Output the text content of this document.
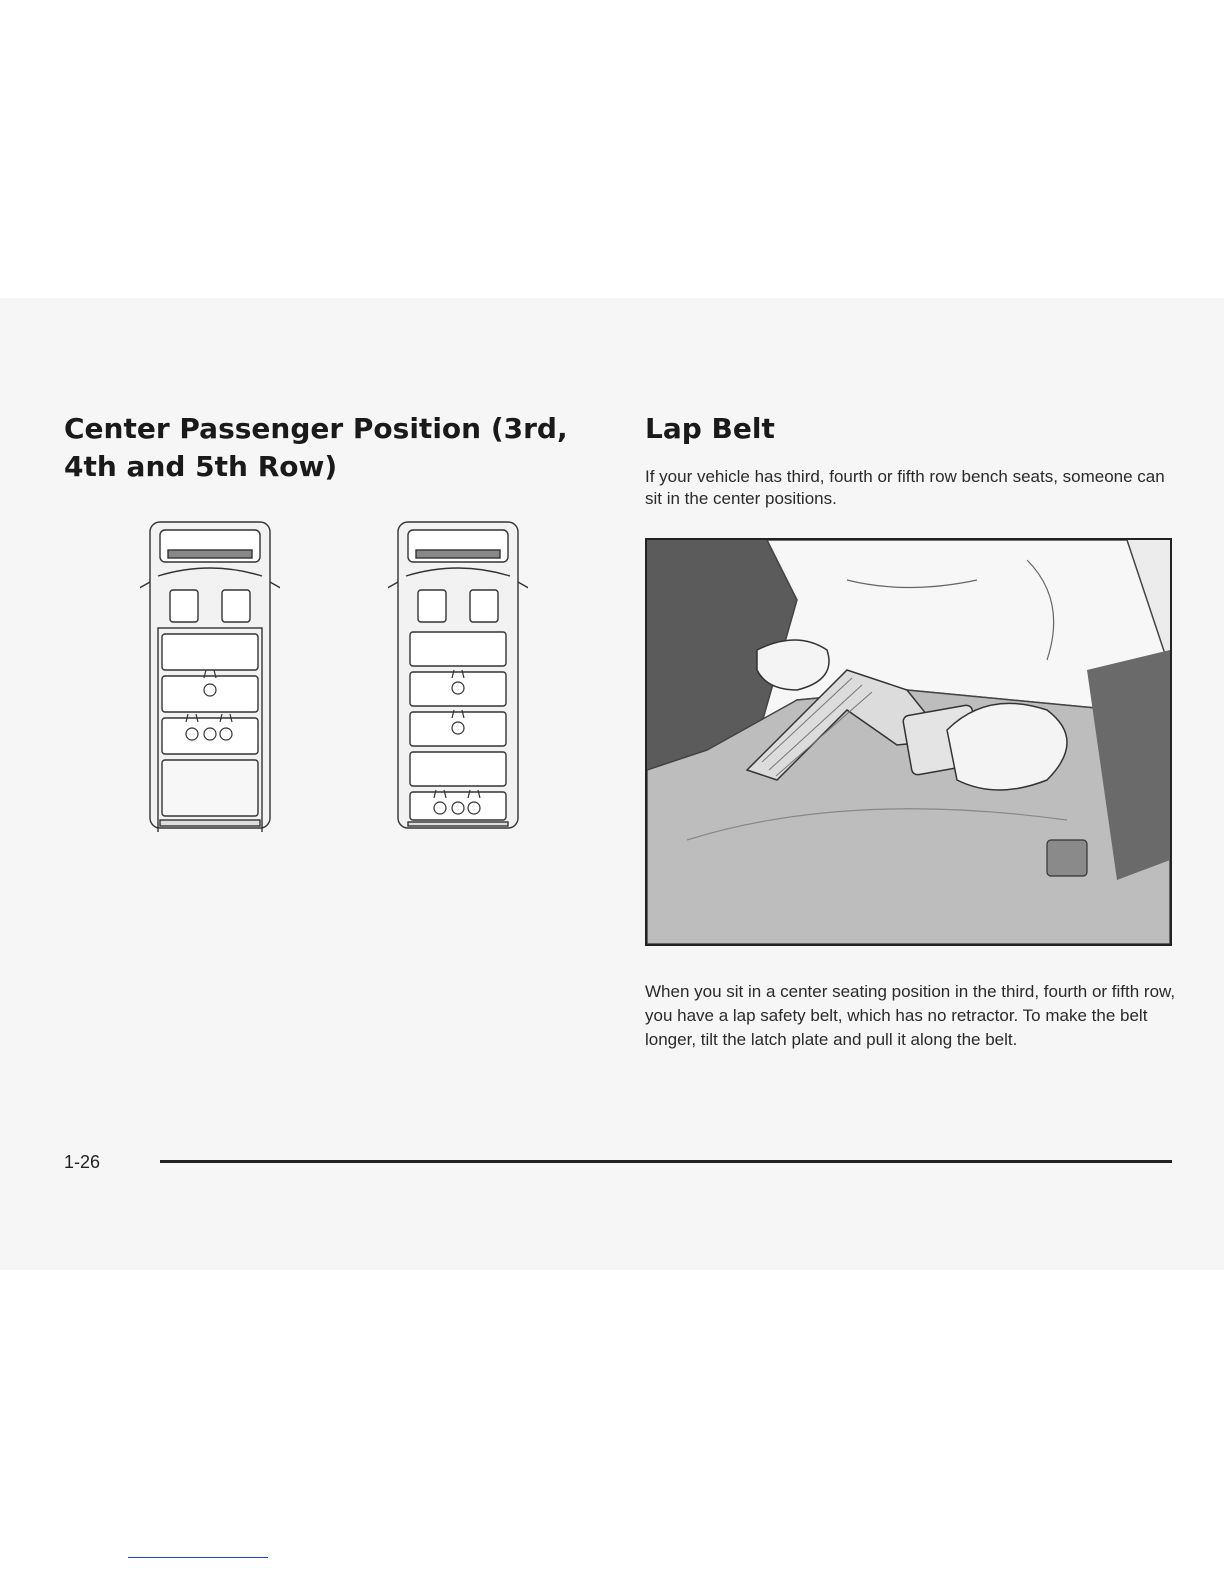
Center Passenger Position (3rd, 4th and 5th Row)
Lap Belt

If your vehicle has third, fourth or fifth row bench seats, someone can sit in the center positions.

When you sit in a center seating position in the third, fourth or fifth row, you have a lap safety belt, which has no retractor. To make the belt longer, tilt the latch plate and pull it along the belt.

1-26
